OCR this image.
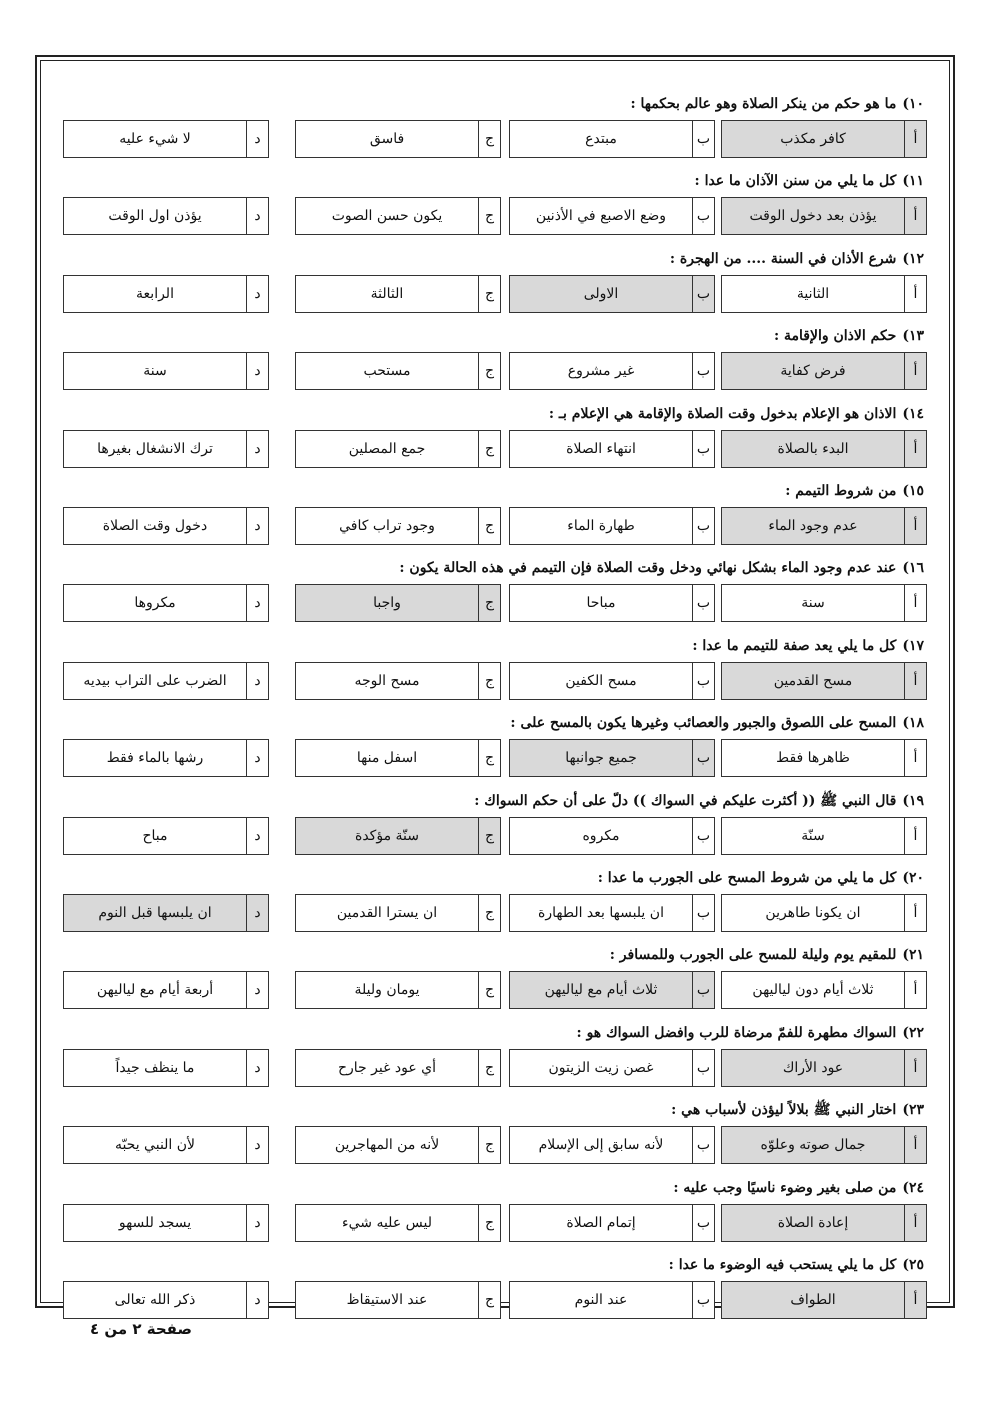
١٠)ما هو حكم من ينكر الصلاة وهو عالم بحكمها :
أ
كافر مكذب
ب
مبتدع
ج
فاسق
د
لا شيء عليه
١١)كل ما يلي من سنن الآذان ما عدا :
أ
يؤذن بعد دخول الوقت
ب
وضع الاصبع في الأذنين
ج
يكون حسن الصوت
د
يؤذن اول الوقت
١٢)شرع الأذان في السنة .... من الهجرة :
أ
الثانية
ب
الاولى
ج
الثالثة
د
الرابعة
١٣)حكم الاذان والإقامة :
أ
فرض كفاية
ب
غير مشروع
ج
مستحب
د
سنة
١٤)الاذان هو الإعلام بدخول وقت الصلاة والإقامة هي الإعلام بـ :
أ
البدء بالصلاة
ب
انتهاء الصلاة
ج
جمع المصلين
د
ترك الانشغال بغيرها
١٥)من شروط التيمم :
أ
عدم وجود الماء
ب
طهارة الماء
ج
وجود تراب كافي
د
دخول وقت الصلاة
١٦)عند عدم وجود الماء بشكل نهائي ودخل وقت الصلاة فإن التيمم في هذه الحالة يكون :
أ
سنة
ب
مباحا
ج
واجبا
د
مكروها
١٧)كل ما يلي يعد صفة للتيمم ما عدا :
أ
مسح القدمين
ب
مسح الكفين
ج
مسح الوجه
د
الضرب على التراب بيديه
١٨)المسح على اللصوق والجبور والعصائب وغيرها يكون بالمسح على :
أ
ظاهرها فقط
ب
جميع جوانبها
ج
اسفل منها
د
رشها بالماء فقط
١٩)قال النبي ﷺ (( أكثرت عليكم في السواك )) دلّ على أن حكم السواك :
أ
سنّة
ب
مكروه
ج
سنّة مؤكدة
د
مباح
٢٠)كل ما يلي من شروط المسح على الجورب ما عدا :
أ
ان يكونا طاهرين
ب
ان يلبسها بعد الطهارة
ج
ان يسترا القدمين
د
ان يلبسها قبل النوم
٢١)للمقيم يوم وليلة للمسح على الجورب وللمسافر :
أ
ثلاث أيام دون لياليهن
ب
ثلاث أيام مع لياليهن
ج
يومان وليلة
د
أربعة أيام مع لياليهن
٢٢)السواك مطهرة للفمّ مرضاة للرب وافضل السواك هو :
أ
عود الأراك
ب
غصن زيت الزيتون
ج
أي عود غير جارح
د
ما ينظف جيداً
٢٣)اختار النبي ﷺ بلالاً ليؤذن لأسباب هي :
أ
جمال صوته وعلوّه
ب
لأنه سابق إلى الإسلام
ج
لأنه من المهاجرين
د
لأن النبي يحبّه
٢٤)من صلى بغير وضوء ناسيًا وجب عليه :
أ
إعادة الصلاة
ب
إتمام الصلاة
ج
ليس عليه شيء
د
يسجد للسهو
٢٥)كل ما يلي يستحب فيه الوضوء ما عدا :
أ
الطواف
ب
عند النوم
ج
عند الاستيقاظ
د
ذكر الله تعالى
صفحة ٢ من ٤
